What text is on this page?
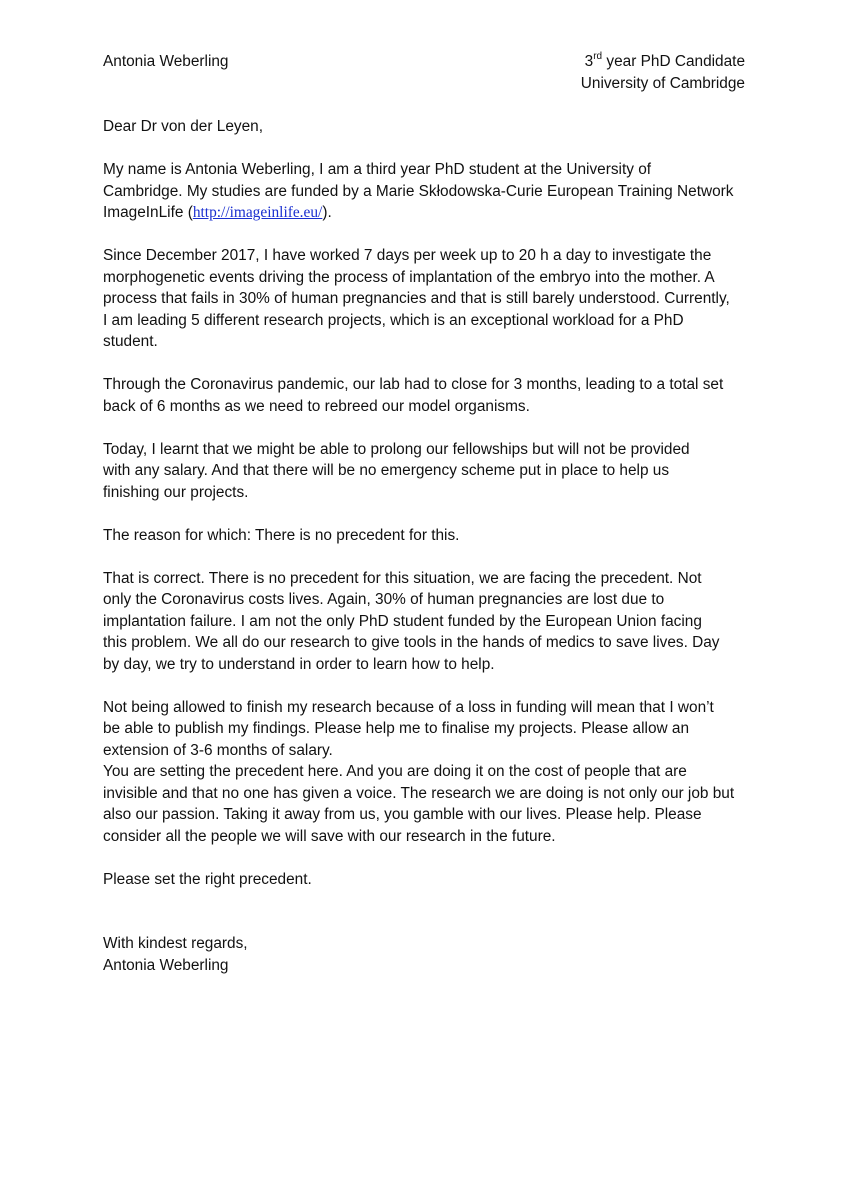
Antonia Weberling	3rd year PhD Candidate
University of Cambridge

Dear Dr von der Leyen,

My name is Antonia Weberling, I am a third year PhD student at the University of
Cambridge. My studies are funded by a Marie Skłodowska-Curie European Training Network
ImageInLife (http://imageinlife.eu/).

Since December 2017, I have worked 7 days per week up to 20 h a day to investigate the
morphogenetic events driving the process of implantation of the embryo into the mother. A
process that fails in 30% of human pregnancies and that is still barely understood. Currently,
I am leading 5 different research projects, which is an exceptional workload for a PhD
student.

Through the Coronavirus pandemic, our lab had to close for 3 months, leading to a total set
back of 6 months as we need to rebreed our model organisms.

Today, I learnt that we might be able to prolong our fellowships but will not be provided
with any salary. And that there will be no emergency scheme put in place to help us
finishing our projects.

The reason for which: There is no precedent for this.

That is correct. There is no precedent for this situation, we are facing the precedent. Not
only the Coronavirus costs lives. Again, 30% of human pregnancies are lost due to
implantation failure. I am not the only PhD student funded by the European Union facing
this problem. We all do our research to give tools in the hands of medics to save lives. Day
by day, we try to understand in order to learn how to help.

Not being allowed to finish my research because of a loss in funding will mean that I won’t
be able to publish my findings. Please help me to finalise my projects. Please allow an
extension of 3-6 months of salary.

You are setting the precedent here. And you are doing it on the cost of people that are
invisible and that no one has given a voice. The research we are doing is not only our job but
also our passion. Taking it away from us, you gamble with our lives. Please help. Please
consider all the people we will save with our research in the future.

Please set the right precedent.

With kindest regards,
Antonia Weberling
